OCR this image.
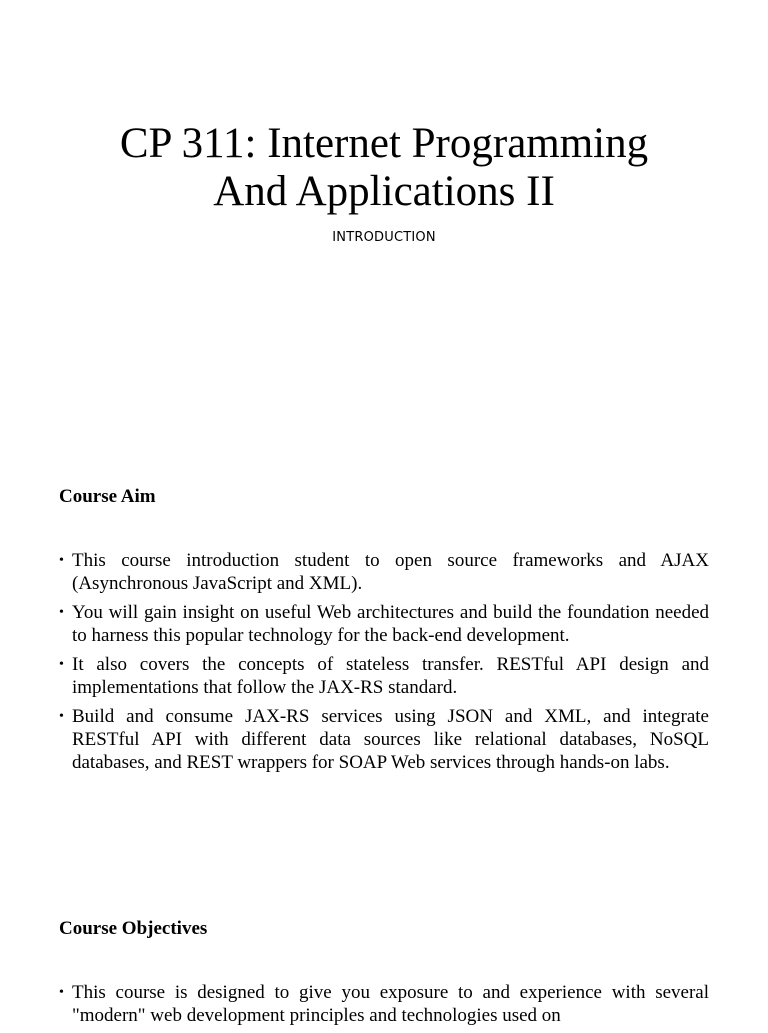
CP 311: Internet Programming
And Applications II
INTRODUCTION
Course Aim
• This course introduction student to open source frameworks and AJAX (Asynchronous JavaScript and XML).
• You will gain insight on useful Web architectures and build the foundation needed to harness this popular technology for the back-end development.
• It also covers the concepts of stateless transfer. RESTful API design and implementations that follow the JAX-RS standard.
• Build and consume JAX-RS services using JSON and XML, and integrate RESTful API with different data sources like relational databases, NoSQL databases, and REST wrappers for SOAP Web services through hands-on labs.
Course Objectives
• This course is designed to give you exposure to and experience with several "modern" web development principles and technologies used on
